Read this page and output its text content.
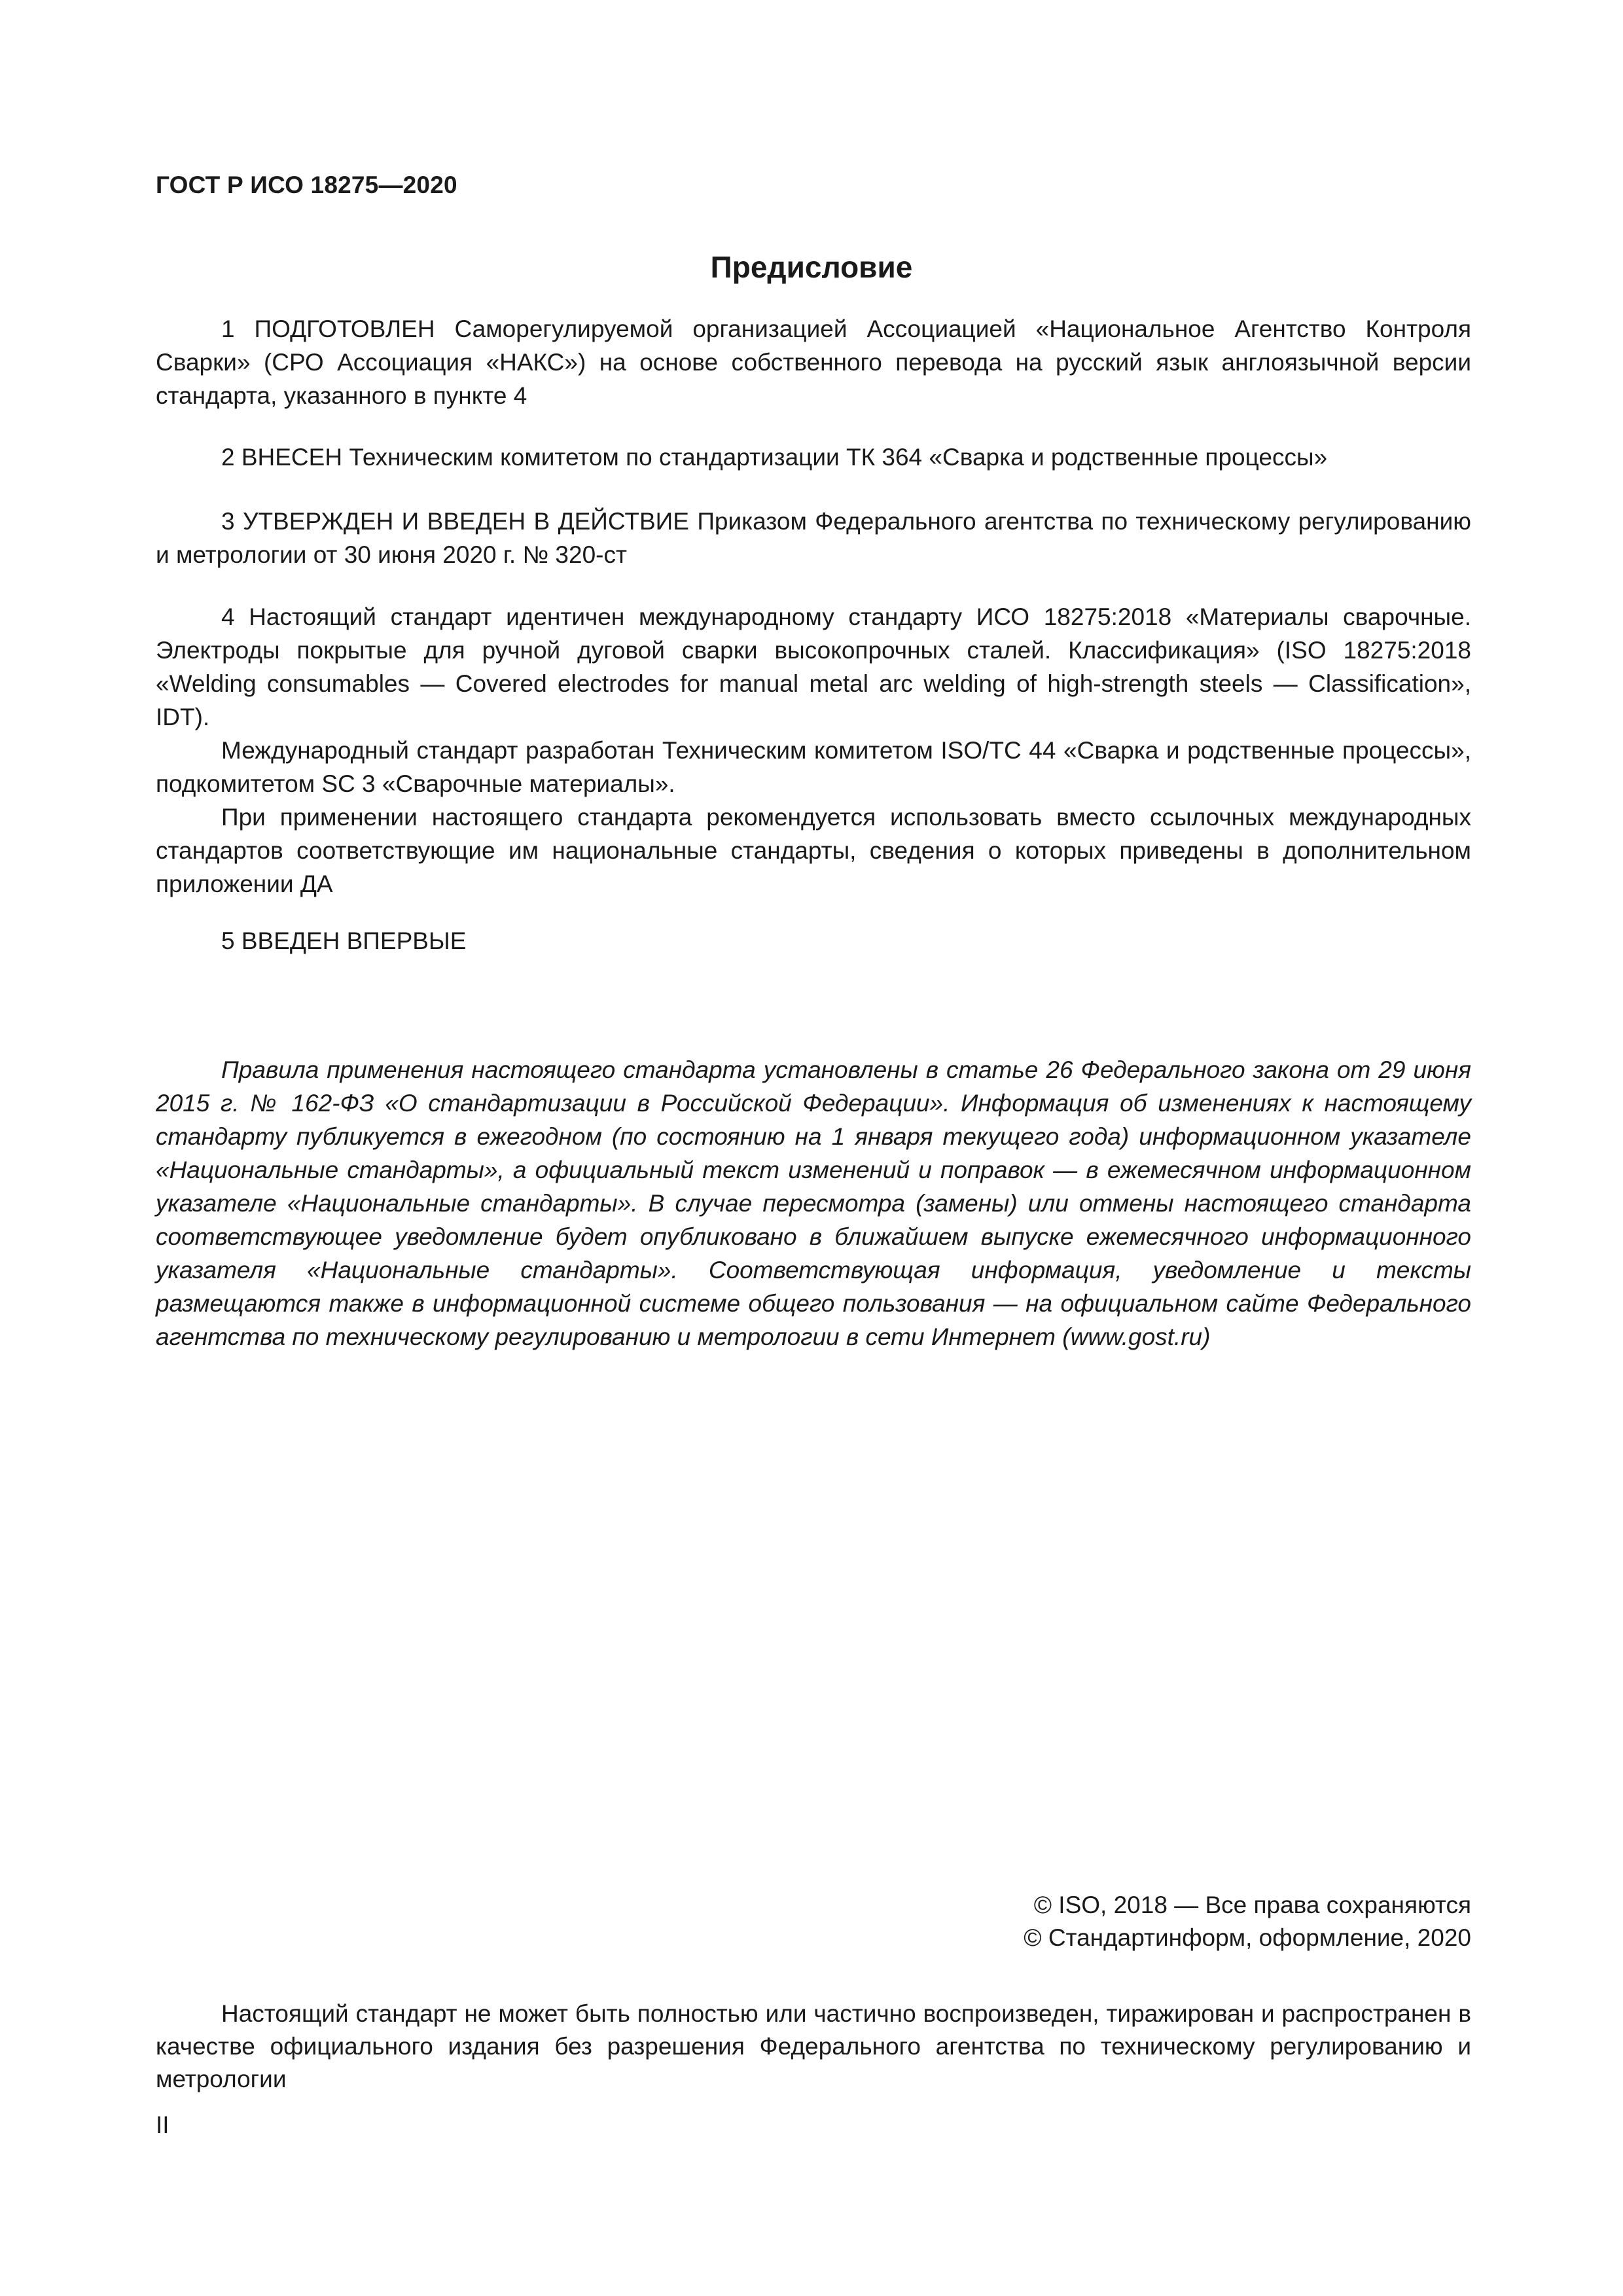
ГОСТ Р ИСО 18275—2020
Предисловие

1 ПОДГОТОВЛЕН Саморегулируемой организацией Ассоциацией «Национальное Агентство Контроля Сварки» (СРО Ассоциация «НАКС») на основе собственного перевода на русский язык англоязычной версии стандарта, указанного в пункте 4

2 ВНЕСЕН Техническим комитетом по стандартизации ТК 364 «Сварка и родственные процессы»

3 УТВЕРЖДЕН И ВВЕДЕН В ДЕЙСТВИЕ Приказом Федерального агентства по техническому регулированию и метрологии от 30 июня 2020 г. № 320-ст

4 Настоящий стандарт идентичен международному стандарту ИСО 18275:2018 «Материалы сварочные. Электроды покрытые для ручной дуговой сварки высокопрочных сталей. Классификация» (ISO 18275:2018 «Welding consumables — Covered electrodes for manual metal arc welding of high-strength steels — Classification», IDT).

Международный стандарт разработан Техническим комитетом ISO/TC 44 «Сварка и родственные процессы», подкомитетом SC 3 «Сварочные материалы».

При применении настоящего стандарта рекомендуется использовать вместо ссылочных международных стандартов соответствующие им национальные стандарты, сведения о которых приведены в дополнительном приложении ДА

5 ВВЕДЕН ВПЕРВЫЕ

Правила применения настоящего стандарта установлены в статье 26 Федерального закона от 29 июня 2015 г. № 162-ФЗ «О стандартизации в Российской Федерации». Информация об изменениях к настоящему стандарту публикуется в ежегодном (по состоянию на 1 января текущего года) информационном указателе «Национальные стандарты», а официальный текст изменений и поправок — в ежемесячном информационном указателе «Национальные стандарты». В случае пересмотра (замены) или отмены настоящего стандарта соответствующее уведомление будет опубликовано в ближайшем выпуске ежемесячного информационного указателя «Национальные стандарты». Соответствующая информация, уведомление и тексты размещаются также в информационной системе общего пользования — на официальном сайте Федерального агентства по техническому регулированию и метрологии в сети Интернет (www.gost.ru)

© ISO, 2018 — Все права сохраняются
© Стандартинформ, оформление, 2020

Настоящий стандарт не может быть полностью или частично воспроизведен, тиражирован и распространен в качестве официального издания без разрешения Федерального агентства по техническому регулированию и метрологии

II
